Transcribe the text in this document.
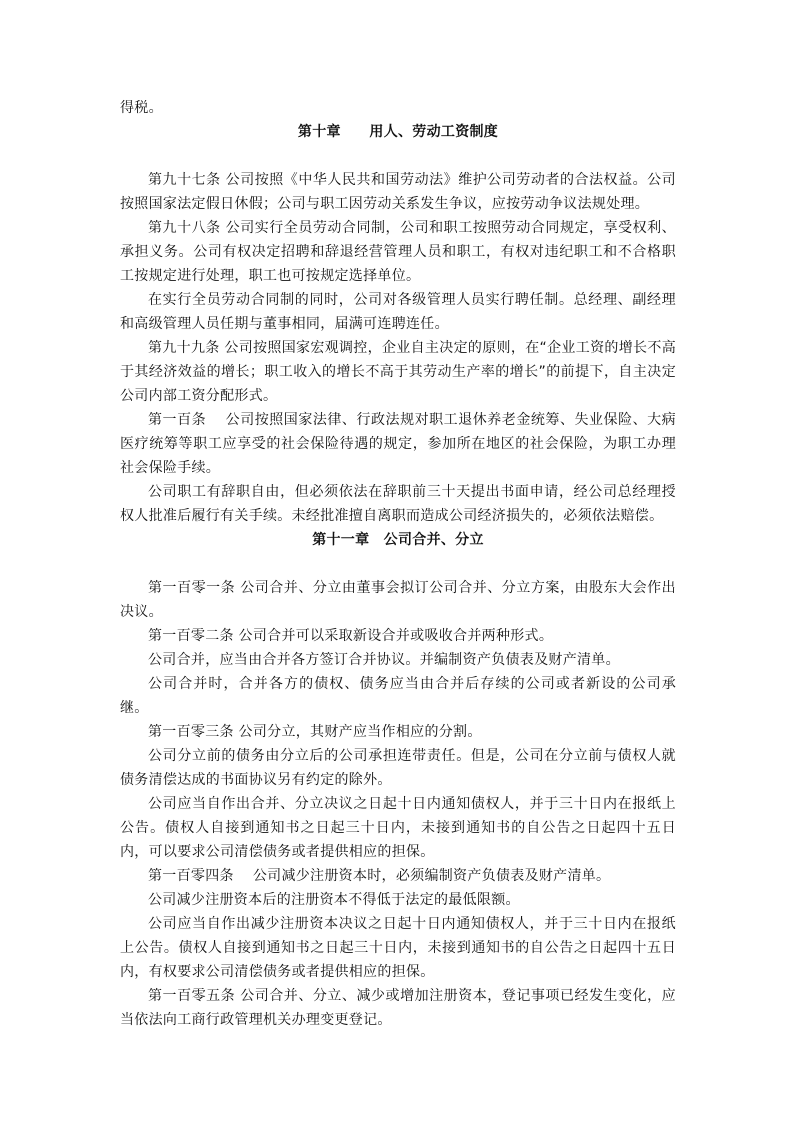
得税。

第十章　　用人、劳动工资制度

第九十七条 公司按照《中华人民共和国劳动法》维护公司劳动者的合法权益。公司按照国家法定假日休假；公司与职工因劳动关系发生争议，应按劳动争议法规处理。

第九十八条 公司实行全员劳动合同制，公司和职工按照劳动合同规定，享受权利、承担义务。公司有权决定招聘和辞退经营管理人员和职工，有权对违纪职工和不合格职工按规定进行处理，职工也可按规定选择单位。

在实行全员劳动合同制的同时，公司对各级管理人员实行聘任制。总经理、副经理和高级管理人员任期与董事相同，届满可连聘连任。

第九十九条 公司按照国家宏观调控，企业自主决定的原则，在“企业工资的增长不高于其经济效益的增长；职工收入的增长不高于其劳动生产率的增长”的前提下，自主决定公司内部工资分配形式。

第一百条　 公司按照国家法律、行政法规对职工退休养老金统筹、失业保险、大病医疗统筹等职工应享受的社会保险待遇的规定，参加所在地区的社会保险，为职工办理社会保险手续。

公司职工有辞职自由，但必须依法在辞职前三十天提出书面申请，经公司总经理授权人批准后履行有关手续。未经批准擅自离职而造成公司经济损失的，必须依法赔偿。

第十一章　公司合并、分立

第一百零一条 公司合并、分立由董事会拟订公司合并、分立方案，由股东大会作出决议。

第一百零二条 公司合并可以采取新设合并或吸收合并两种形式。

公司合并，应当由合并各方签订合并协议。并编制资产负债表及财产清单。

公司合并时，合并各方的债权、债务应当由合并后存续的公司或者新设的公司承继。

第一百零三条 公司分立，其财产应当作相应的分割。

公司分立前的债务由分立后的公司承担连带责任。但是，公司在分立前与债权人就债务清偿达成的书面协议另有约定的除外。

公司应当自作出合并、分立决议之日起十日内通知债权人，并于三十日内在报纸上公告。债权人自接到通知书之日起三十日内，未接到通知书的自公告之日起四十五日内，可以要求公司清偿债务或者提供相应的担保。

第一百零四条　 公司减少注册资本时，必须编制资产负债表及财产清单。

公司减少注册资本后的注册资本不得低于法定的最低限额。

公司应当自作出减少注册资本决议之日起十日内通知债权人，并于三十日内在报纸上公告。债权人自接到通知书之日起三十日内，未接到通知书的自公告之日起四十五日内，有权要求公司清偿债务或者提供相应的担保。

第一百零五条 公司合并、分立、减少或增加注册资本，登记事项已经发生变化，应当依法向工商行政管理机关办理变更登记。
